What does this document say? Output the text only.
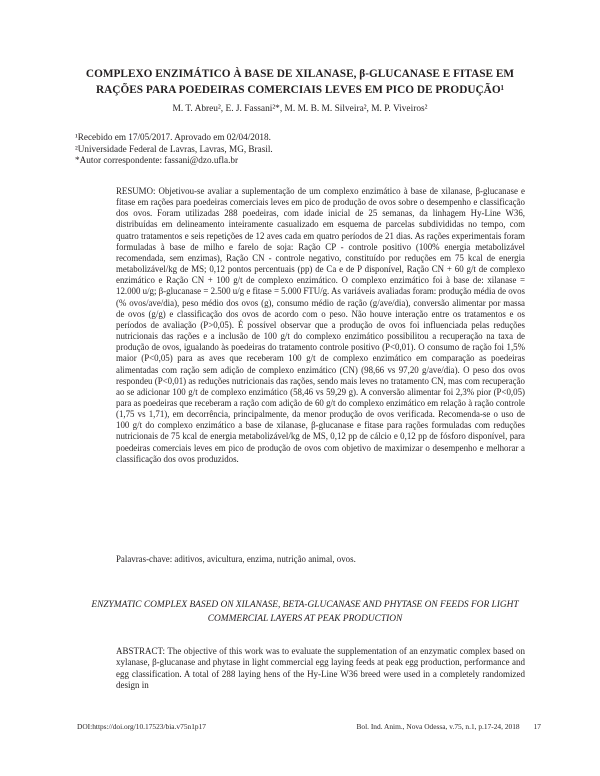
COMPLEXO ENZIMÁTICO À BASE DE XILANASE, β-GLUCANASE E FITASE EM RAÇÕES PARA POEDEIRAS COMERCIAIS LEVES EM PICO DE PRODUÇÃO¹
M. T. Abreu², E. J. Fassani²*, M. M. B. M. Silveira², M. P. Viveiros²
¹Recebido em 17/05/2017. Aprovado em 02/04/2018.
²Universidade Federal de Lavras, Lavras, MG, Brasil.
*Autor correspondente: fassani@dzo.ufla.br
RESUMO: Objetivou-se avaliar a suplementação de um complexo enzimático à base de xilanase, β-glucanase e fitase em rações para poedeiras comerciais leves em pico de produção de ovos sobre o desempenho e classificação dos ovos. Foram utilizadas 288 poedeiras, com idade inicial de 25 semanas, da linhagem Hy-Line W36, distribuídas em delineamento inteiramente casualizado em esquema de parcelas subdivididas no tempo, com quatro tratamentos e seis repetições de 12 aves cada em quatro períodos de 21 dias. As rações experimentais foram formuladas à base de milho e farelo de soja: Ração CP - controle positivo (100% energia metabolizável recomendada, sem enzimas), Ração CN - controle negativo, constituído por reduções em 75 kcal de energia metabolizável/kg de MS; 0,12 pontos percentuais (pp) de Ca e de P disponível, Ração CN + 60 g/t de complexo enzimático e Ração CN + 100 g/t de complexo enzimático. O complexo enzimático foi à base de: xilanase = 12.000 u/g; β-glucanase = 2.500 u/g e fitase = 5.000 FTU/g. As variáveis avaliadas foram: produção média de ovos (% ovos/ave/dia), peso médio dos ovos (g), consumo médio de ração (g/ave/dia), conversão alimentar por massa de ovos (g/g) e classificação dos ovos de acordo com o peso. Não houve interação entre os tratamentos e os períodos de avaliação (P>0,05). É possível observar que a produção de ovos foi influenciada pelas reduções nutricionais das rações e a inclusão de 100 g/t do complexo enzimático possibilitou a recuperação na taxa de produção de ovos, igualando às poedeiras do tratamento controle positivo (P<0,01). O consumo de ração foi 1,5% maior (P<0,05) para as aves que receberam 100 g/t de complexo enzimático em comparação as poedeiras alimentadas com ração sem adição de complexo enzimático (CN) (98,66 vs 97,20 g/ave/dia). O peso dos ovos respondeu (P<0,01) as reduções nutricionais das rações, sendo mais leves no tratamento CN, mas com recuperação ao se adicionar 100 g/t de complexo enzimático (58,46 vs 59,29 g). A conversão alimentar foi 2,3% pior (P<0,05) para as poedeiras que receberam a ração com adição de 60 g/t do complexo enzimático em relação à ração controle (1,75 vs 1,71), em decorrência, principalmente, da menor produção de ovos verificada. Recomenda-se o uso de 100 g/t do complexo enzimático a base de xilanase, β-glucanase e fitase para rações formuladas com reduções nutricionais de 75 kcal de energia metabolizável/kg de MS, 0,12 pp de cálcio e 0,12 pp de fósforo disponível, para poedeiras comerciais leves em pico de produção de ovos com objetivo de maximizar o desempenho e melhorar a classificação dos ovos produzidos.
Palavras-chave: aditivos, avicultura, enzima, nutrição animal, ovos.
ENZYMATIC COMPLEX BASED ON XILANASE, BETA-GLUCANASE AND PHYTASE ON FEEDS FOR LIGHT COMMERCIAL LAYERS AT PEAK PRODUCTION
ABSTRACT: The objective of this work was to evaluate the supplementation of an enzymatic complex based on xylanase, β-glucanase and phytase in light commercial egg laying feeds at peak egg production, performance and egg classification. A total of 288 laying hens of the Hy-Line W36 breed were used in a completely randomized design in
DOI:https://doi.org/10.17523/bia.v75n1p17	Bol. Ind. Anim., Nova Odessa, v.75, n.1, p.17-24, 2018 17
